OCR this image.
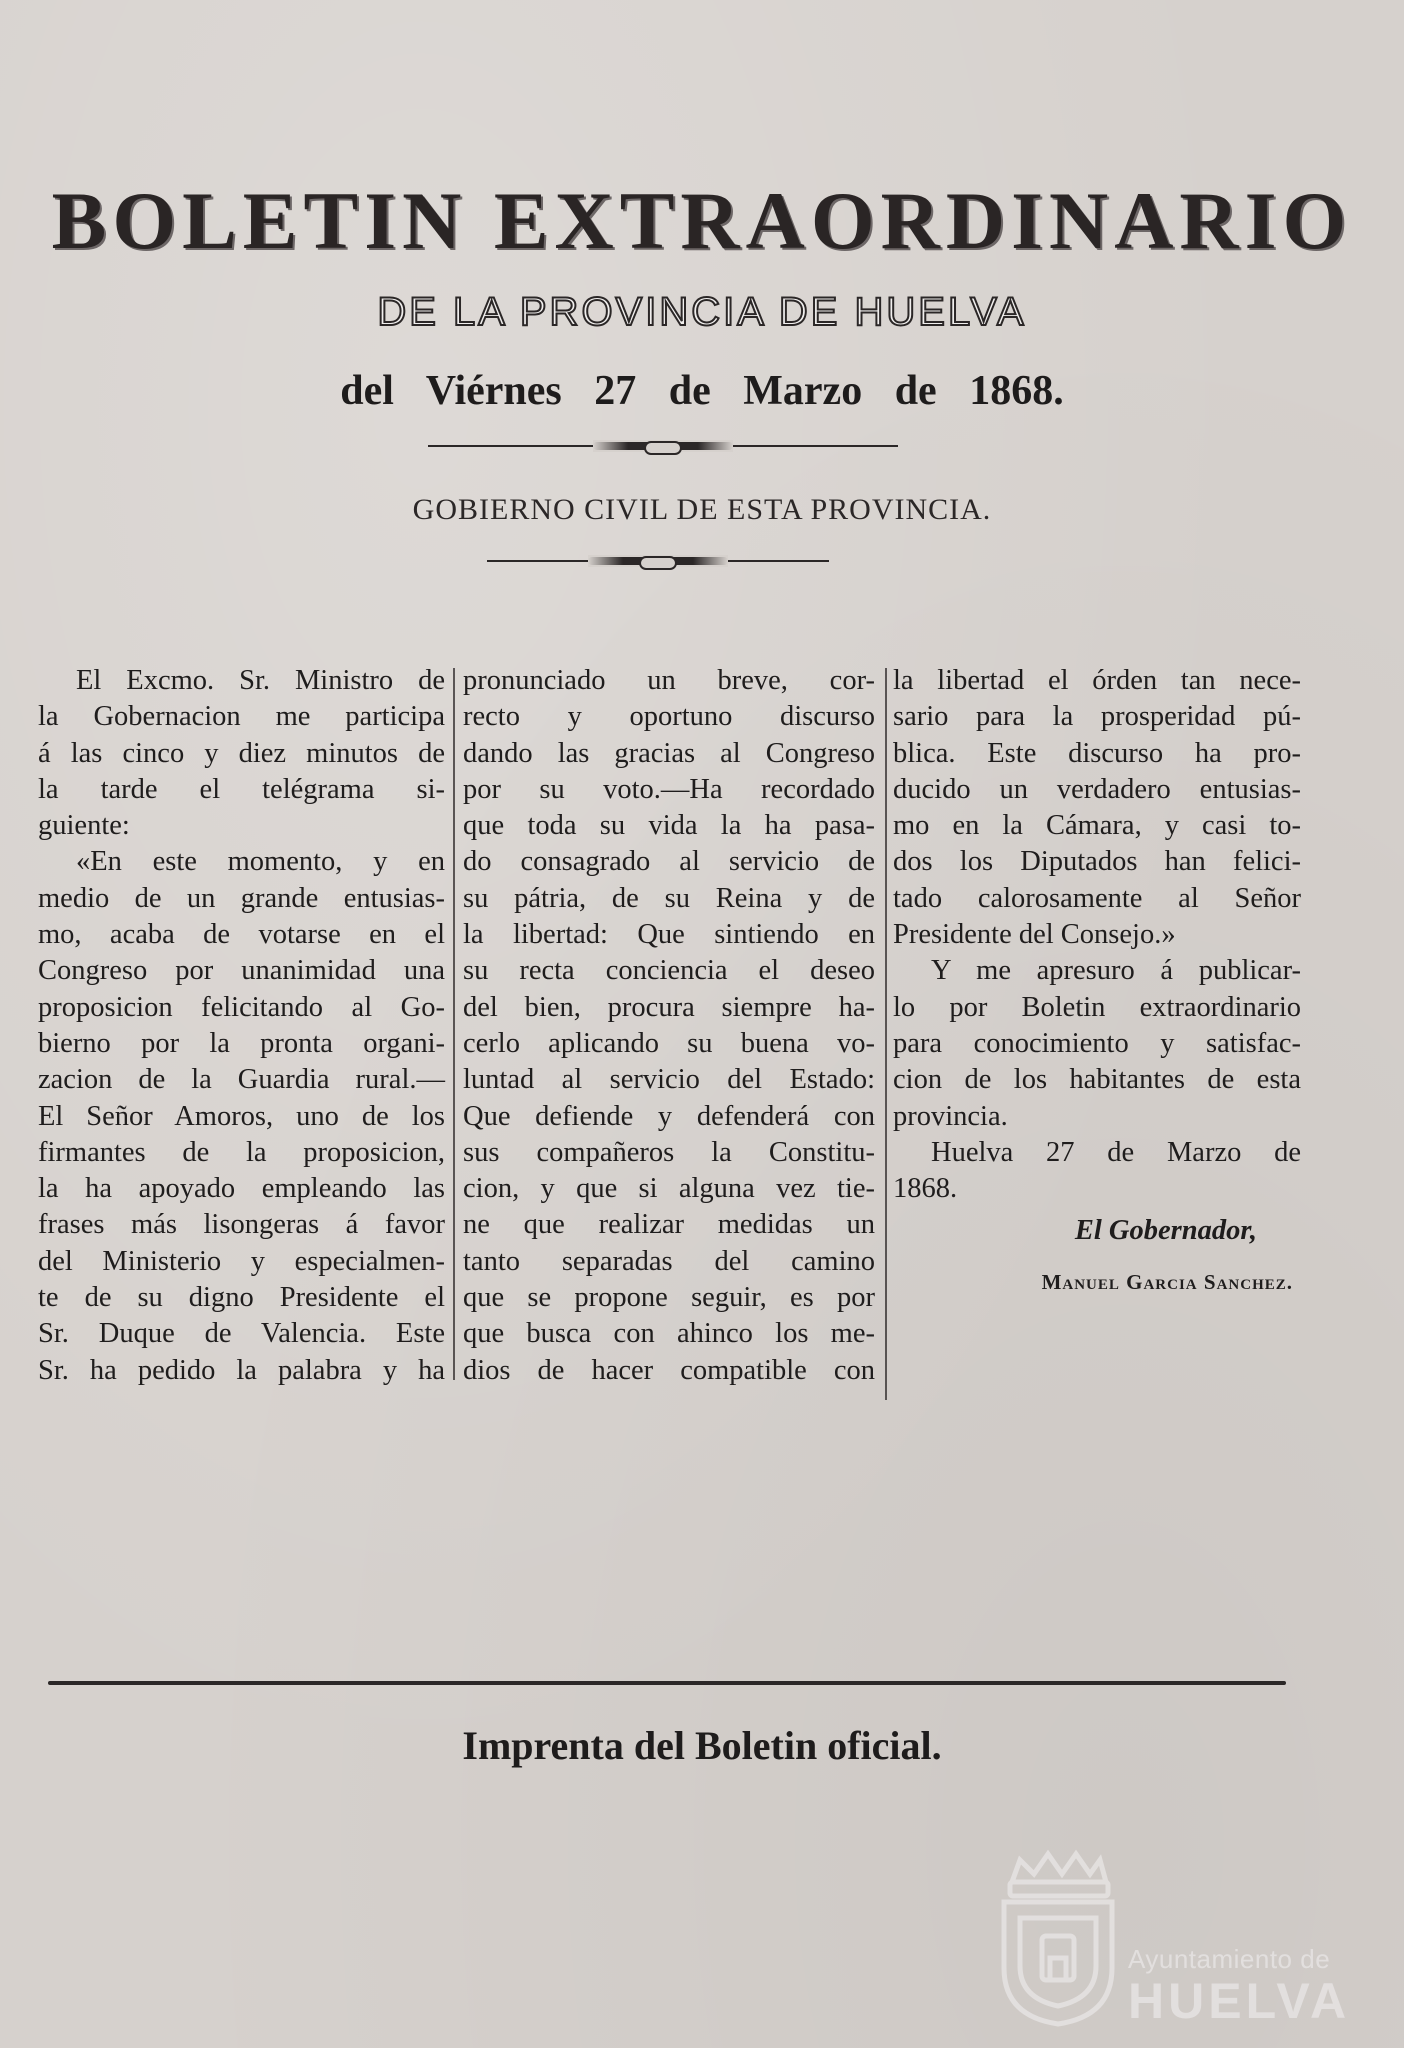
BOLETIN EXTRAORDINARIO
DE LA PROVINCIA DE HUELVA
del Viérnes 27 de Marzo de 1868.
GOBIERNO CIVIL DE ESTA PROVINCIA.
El Excmo. Sr. Ministro de
la Gobernacion me participa
á las cinco y diez minutos de
la tarde el telégrama si-
guiente:
«En este momento, y en
medio de un grande entusias-
mo, acaba de votarse en el
Congreso por unanimidad una
proposicion felicitando al Go-
bierno por la pronta organi-
zacion de la Guardia rural.—
El Señor Amoros, uno de los
firmantes de la proposicion,
la ha apoyado empleando las
frases más lisongeras á favor
del Ministerio y especialmen-
te de su digno Presidente el
Sr. Duque de Valencia. Este
Sr. ha pedido la palabra y ha
pronunciado un breve, cor-
recto y oportuno discurso
dando las gracias al Congreso
por su voto.—Ha recordado
que toda su vida la ha pasa-
do consagrado al servicio de
su pátria, de su Reina y de
la libertad: Que sintiendo en
su recta conciencia el deseo
del bien, procura siempre ha-
cerlo aplicando su buena vo-
luntad al servicio del Estado:
Que defiende y defenderá con
sus compañeros la Constitu-
cion, y que si alguna vez tie-
ne que realizar medidas un
tanto separadas del camino
que se propone seguir, es por
que busca con ahinco los me-
dios de hacer compatible con
la libertad el órden tan nece-
sario para la prosperidad pú-
blica. Este discurso ha pro-
ducido un verdadero entusias-
mo en la Cámara, y casi to-
dos los Diputados han felici-
tado calorosamente al Señor
Presidente del Consejo.»
Y me apresuro á publicar-
lo por Boletin extraordinario
para conocimiento y satisfac-
cion de los habitantes de esta
provincia.
Huelva 27 de Marzo de
1868.
El Gobernador,
Manuel Garcia Sanchez.
Imprenta del Boletin oficial.
Ayuntamiento de
HUELVA
